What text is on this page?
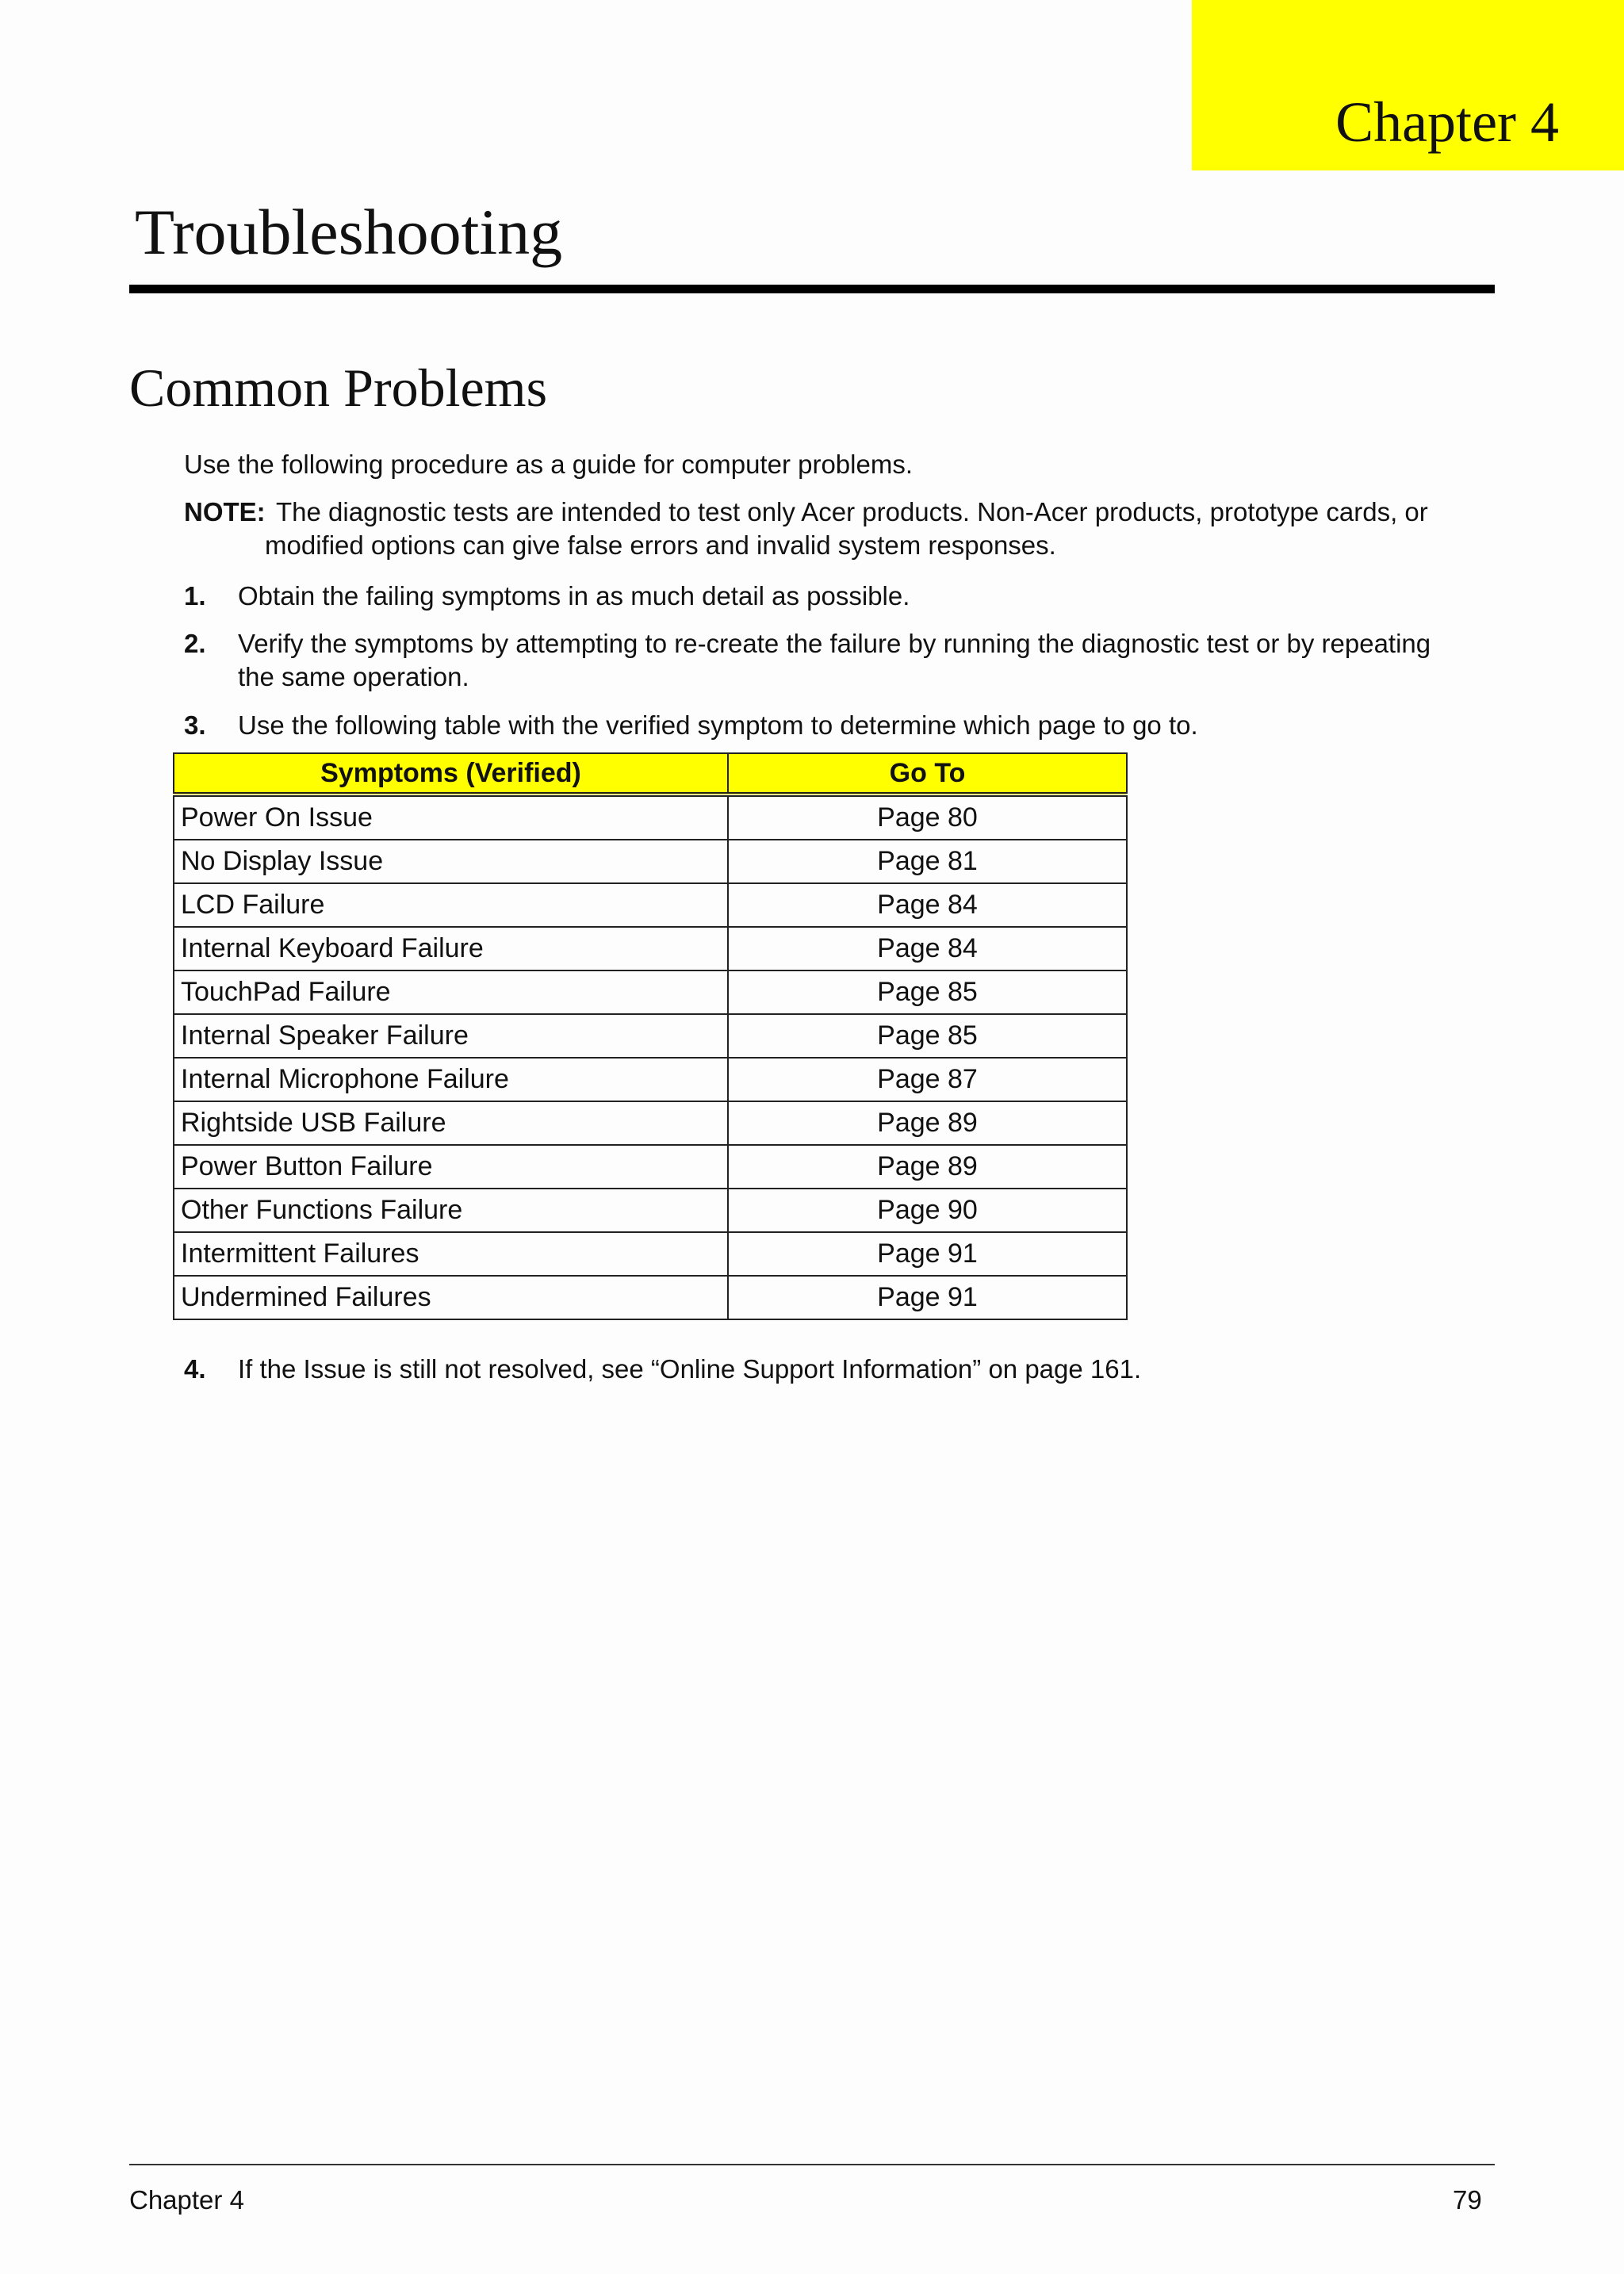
Chapter 4
Troubleshooting
Common Problems
Use the following procedure as a guide for computer problems.
NOTE: The diagnostic tests are intended to test only Acer products. Non-Acer products, prototype cards, or
modified options can give false errors and invalid system responses.
1. Obtain the failing symptoms in as much detail as possible.
2. Verify the symptoms by attempting to re-create the failure by running the diagnostic test or by repeating
the same operation.
3. Use the following table with the verified symptom to determine which page to go to.
Symptoms (Verified)	Go To
Power On Issue	Page 80
No Display Issue	Page 81
LCD Failure	Page 84
Internal Keyboard Failure	Page 84
TouchPad Failure	Page 85
Internal Speaker Failure	Page 85
Internal Microphone Failure	Page 87
Rightside USB Failure	Page 89
Power Button Failure	Page 89
Other Functions Failure	Page 90
Intermittent Failures	Page 91
Undermined Failures	Page 91
4. If the Issue is still not resolved, see “Online Support Information” on page 161.
Chapter 4	79
